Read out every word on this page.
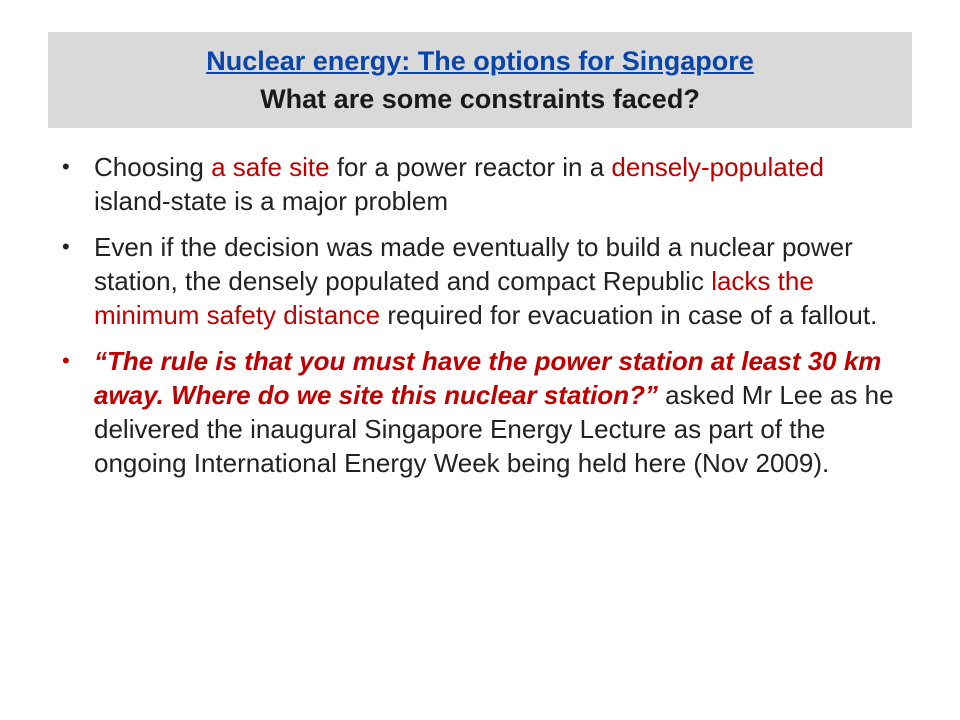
Nuclear energy: The options for Singapore
What are some constraints faced?
• Choosing a safe site for a power reactor in a densely-populated island-state is a major problem
• Even if the decision was made eventually to build a nuclear power station, the densely populated and compact Republic lacks the minimum safety distance required for evacuation in case of a fallout.
• “The rule is that you must have the power station at least 30 km away. Where do we site this nuclear station?” asked Mr Lee as he delivered the inaugural Singapore Energy Lecture as part of the ongoing International Energy Week being held here (Nov 2009).
